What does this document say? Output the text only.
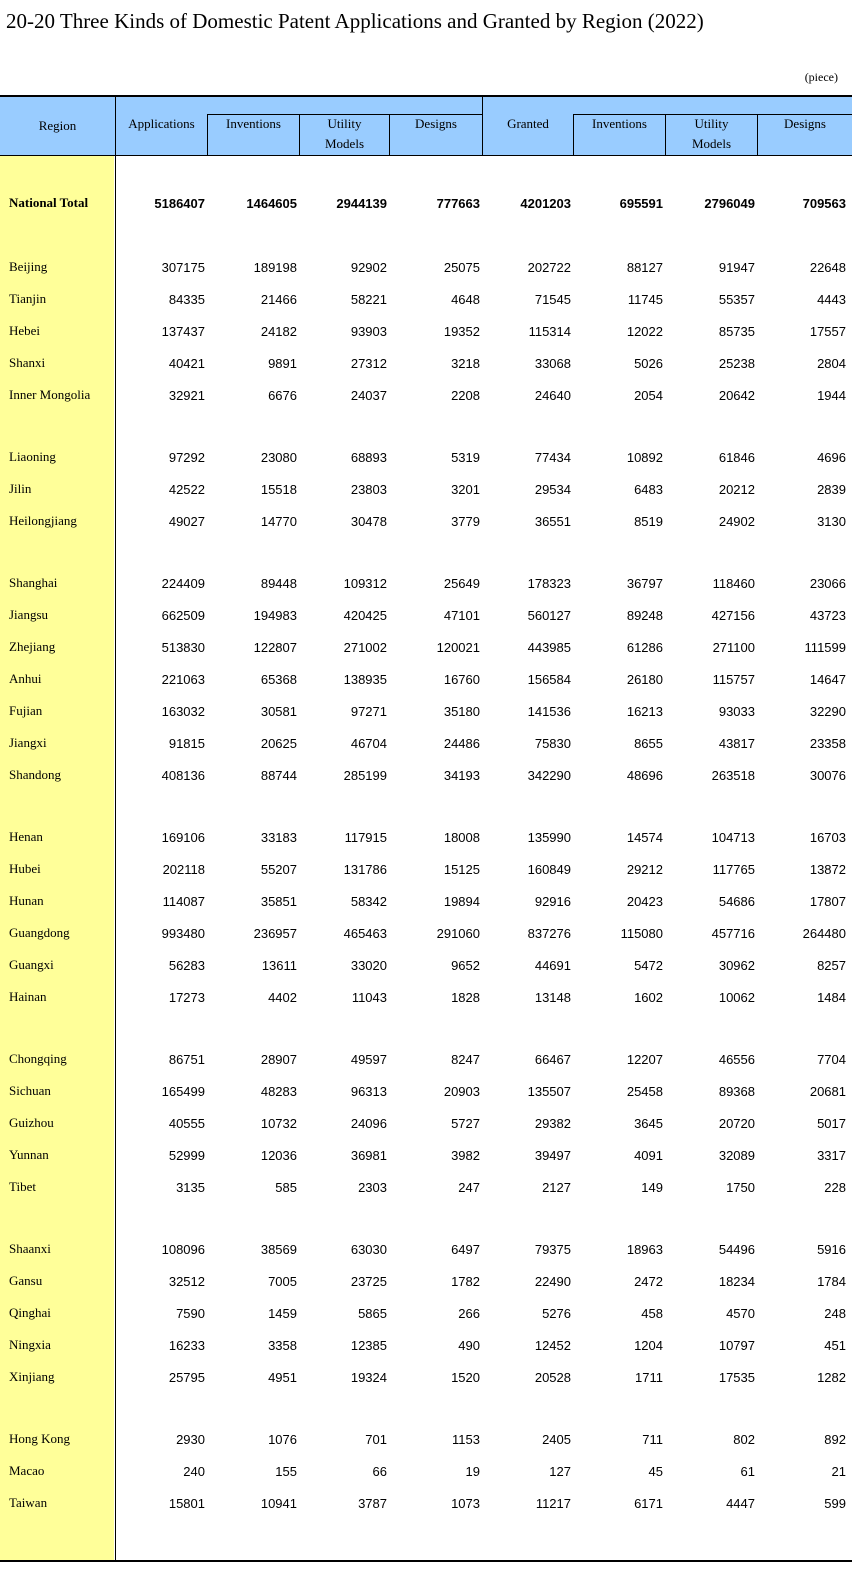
20-20 Three Kinds of Domestic Patent Applications and Granted by Region (2022)
(piece)
Region	Applications	Inventions	Utility
Models
Designs	Granted	Inventions	Utility
Models
Designs
National Total	5186407	1464605	2944139	777663	4201203	695591	2796049	709563
Beijing	307175	189198	92902	25075	202722	88127	91947	22648
Tianjin	84335	21466	58221	4648	71545	11745	55357	4443
Hebei	137437	24182	93903	19352	115314	12022	85735	17557
Shanxi	40421	9891	27312	3218	33068	5026	25238	2804
Inner Mongolia	32921	6676	24037	2208	24640	2054	20642	1944

Liaoning	97292	23080	68893	5319	77434	10892	61846	4696
Jilin	42522	15518	23803	3201	29534	6483	20212	2839
Heilongjiang	49027	14770	30478	3779	36551	8519	24902	3130

Shanghai	224409	89448	109312	25649	178323	36797	118460	23066
Jiangsu	662509	194983	420425	47101	560127	89248	427156	43723
Zhejiang	513830	122807	271002	120021	443985	61286	271100	111599
Anhui	221063	65368	138935	16760	156584	26180	115757	14647
Fujian	163032	30581	97271	35180	141536	16213	93033	32290
Jiangxi	91815	20625	46704	24486	75830	8655	43817	23358
Shandong	408136	88744	285199	34193	342290	48696	263518	30076

Henan	169106	33183	117915	18008	135990	14574	104713	16703
Hubei	202118	55207	131786	15125	160849	29212	117765	13872
Hunan	114087	35851	58342	19894	92916	20423	54686	17807
Guangdong	993480	236957	465463	291060	837276	115080	457716	264480
Guangxi	56283	13611	33020	9652	44691	5472	30962	8257
Hainan	17273	4402	11043	1828	13148	1602	10062	1484

Chongqing	86751	28907	49597	8247	66467	12207	46556	7704
Sichuan	165499	48283	96313	20903	135507	25458	89368	20681
Guizhou	40555	10732	24096	5727	29382	3645	20720	5017
Yunnan	52999	12036	36981	3982	39497	4091	32089	3317
Tibet	3135	585	2303	247	2127	149	1750	228

Shaanxi	108096	38569	63030	6497	79375	18963	54496	5916
Gansu	32512	7005	23725	1782	22490	2472	18234	1784
Qinghai	7590	1459	5865	266	5276	458	4570	248
Ningxia	16233	3358	12385	490	12452	1204	10797	451
Xinjiang	25795	4951	19324	1520	20528	1711	17535	1282

Hong Kong	2930	1076	701	1153	2405	711	802	892
Macao	240	155	66	19	127	45	61	21
Taiwan	15801	10941	3787	1073	11217	6171	4447	599
